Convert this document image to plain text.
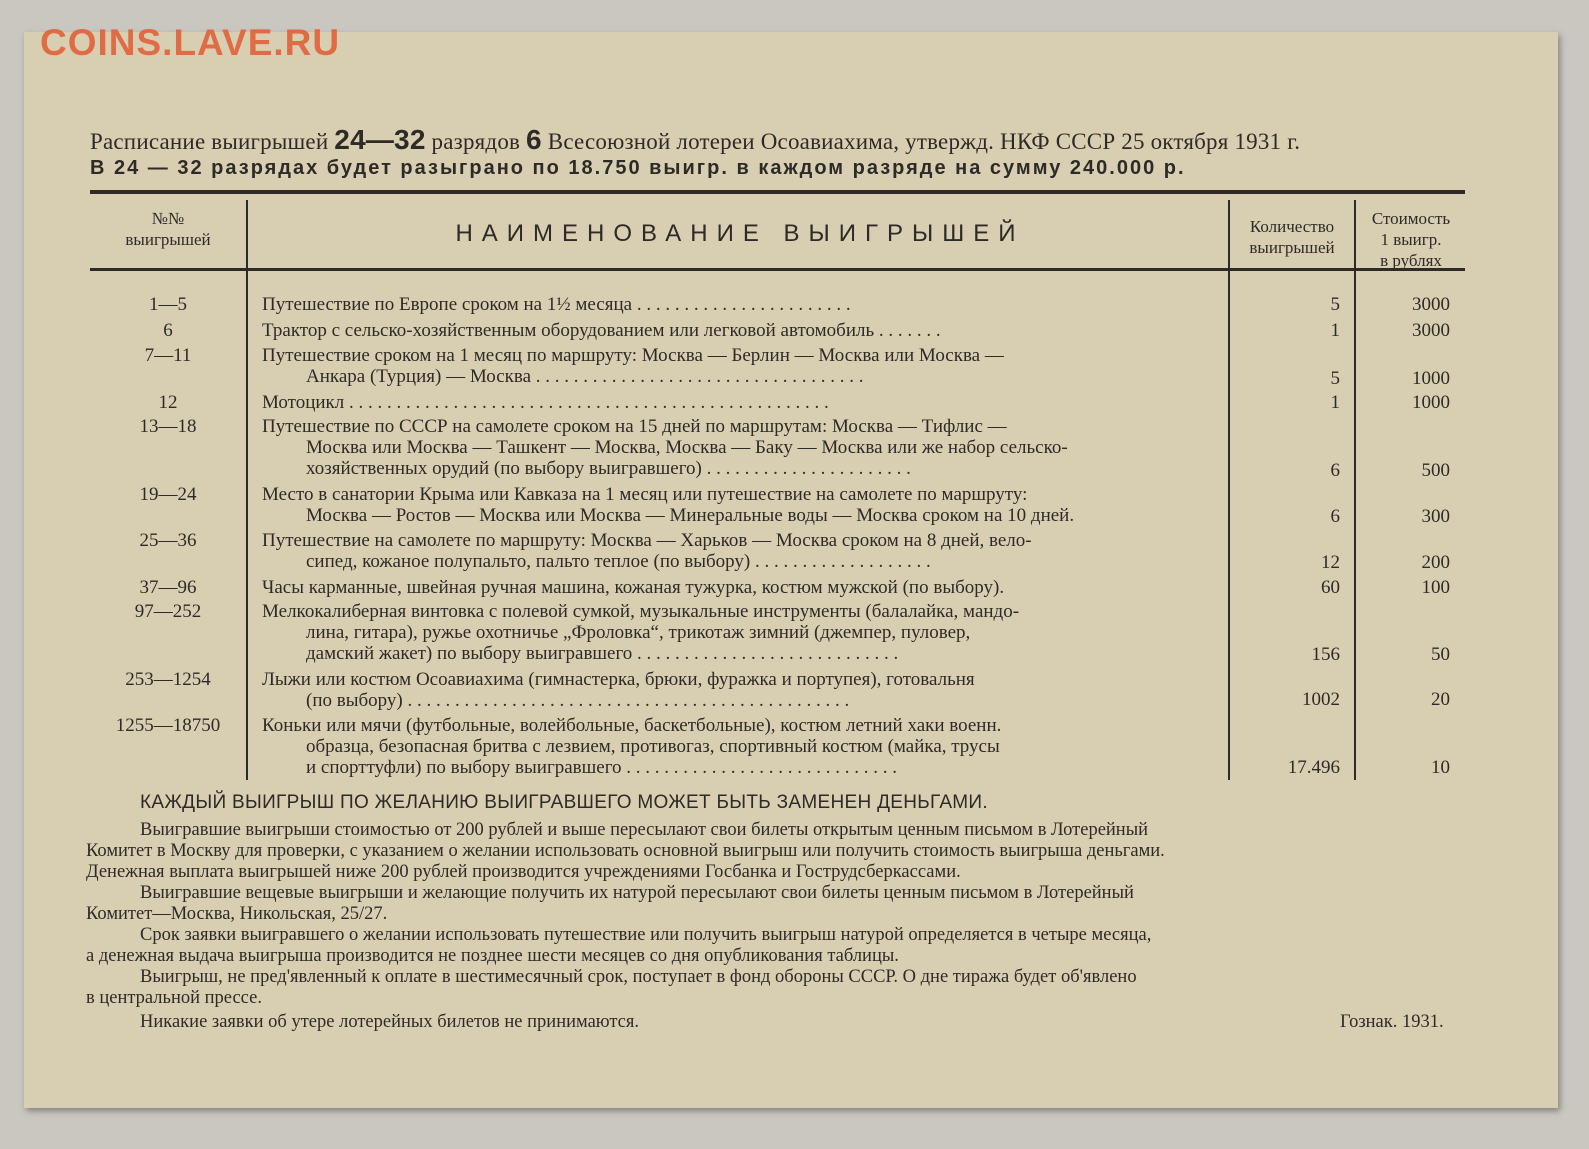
COINS.LAVE.RU
Расписание выигрышей 24—32 разрядов 6 Всесоюзной лотереи Осоавиахима, утвержд. НКФ СССР 25 октября 1931 г.
В 24 — 32 разрядах будет разыграно по 18.750 выигр. в каждом разряде на сумму 240.000 р.
№№
выигрышей	НАИМЕНОВАНИЕ ВЫИГРЫШЕЙ	Количество
выигрышей
Стоимость
1 выигр.
в рублях
1—5	Путешествие по Европе сроком на 1½ месяца . . . . . . . . . . . . . . . . . . . . . . .	5	3000
6	Трактор с сельско-хозяйственным оборудованием или легковой автомобиль . . . . . . .	1	3000
7—11	Путешествие сроком на 1 месяц по маршруту: Москва — Берлин — Москва или Москва —
Анкара (Турция) — Москва . . . . . . . . . . . . . . . . . . . . . . . . . . . . . . . . . . .	5	1000
12	Мотоцикл . . . . . . . . . . . . . . . . . . . . . . . . . . . . . . . . . . . . . . . . . . . . . . . . . . .	1	1000
13—18	Путешествие по СССР на самолете сроком на 15 дней по маршрутам: Москва — Тифлис —
Москва или Москва — Ташкент — Москва, Москва — Баку — Москва или же набор сельско-
хозяйственных орудий (по выбору выигравшего) . . . . . . . . . . . . . . . . . . . . . .	6	500
19—24	Место в санатории Крыма или Кавказа на 1 месяц или путешествие на самолете по маршруту:
Москва — Ростов — Москва или Москва — Минеральные воды — Москва сроком на 10 дней.	6	300
25—36	Путешествие на самолете по маршруту: Москва — Харьков — Москва сроком на 8 дней, вело-
сипед, кожаное полупальто, пальто теплое (по выбору) . . . . . . . . . . . . . . . . . . .	12	200
37—96	Часы карманные, швейная ручная машина, кожаная тужурка, костюм мужской (по выбору).	60	100
97—252	Мелкокалиберная винтовка с полевой сумкой, музыкальные инструменты (балалайка, мандо-
лина, гитара), ружье охотничье „Фроловка“, трикотаж зимний (джемпер, пуловер,
дамский жакет) по выбору выигравшего . . . . . . . . . . . . . . . . . . . . . . . . . . . .	156	50
253—1254	Лыжи или костюм Осоавиахима (гимнастерка, брюки, фуражка и портупея), готовальня
(по выбору) . . . . . . . . . . . . . . . . . . . . . . . . . . . . . . . . . . . . . . . . . . . . . . .	1002	20
1255—18750	Коньки или мячи (футбольные, волейбольные, баскетбольные), костюм летний хаки военн.
образца, безопасная бритва с лезвием, противогаз, спортивный костюм (майка, трусы
и спорттуфли) по выбору выигравшего . . . . . . . . . . . . . . . . . . . . . . . . . . . . .	17.496	10
КАЖДЫЙ ВЫИГРЫШ ПО ЖЕЛАНИЮ ВЫИГРАВШЕГО МОЖЕТ БЫТЬ ЗАМЕНЕН ДЕНЬГАМИ.
Выигравшие выигрыши стоимостью от 200 рублей и выше пересылают свои билеты открытым ценным письмом в Лотерейный
Комитет в Москву для проверки, с указанием о желании использовать основной выигрыш или получить стоимость выигрыша деньгами.
Денежная выплата выигрышей ниже 200 рублей производится учреждениями Госбанка и Гострудсберкассами.
Выигравшие вещевые выигрыши и желающие получить их натурой пересылают свои билеты ценным письмом в Лотерейный
Комитет—Москва, Никольская, 25/27.
Срок заявки выигравшего о желании использовать путешествие или получить выигрыш натурой определяется в четыре месяца,
а денежная выдача выигрыша производится не позднее шести месяцев со дня опубликования таблицы.
Выигрыш, не пред'явленный к оплате в шестимесячный срок, поступает в фонд обороны СССР. О дне тиража будет об'явлено
в центральной прессе.
Никакие заявки об утере лотерейных билетов не принимаются.	Гознак. 1931.
